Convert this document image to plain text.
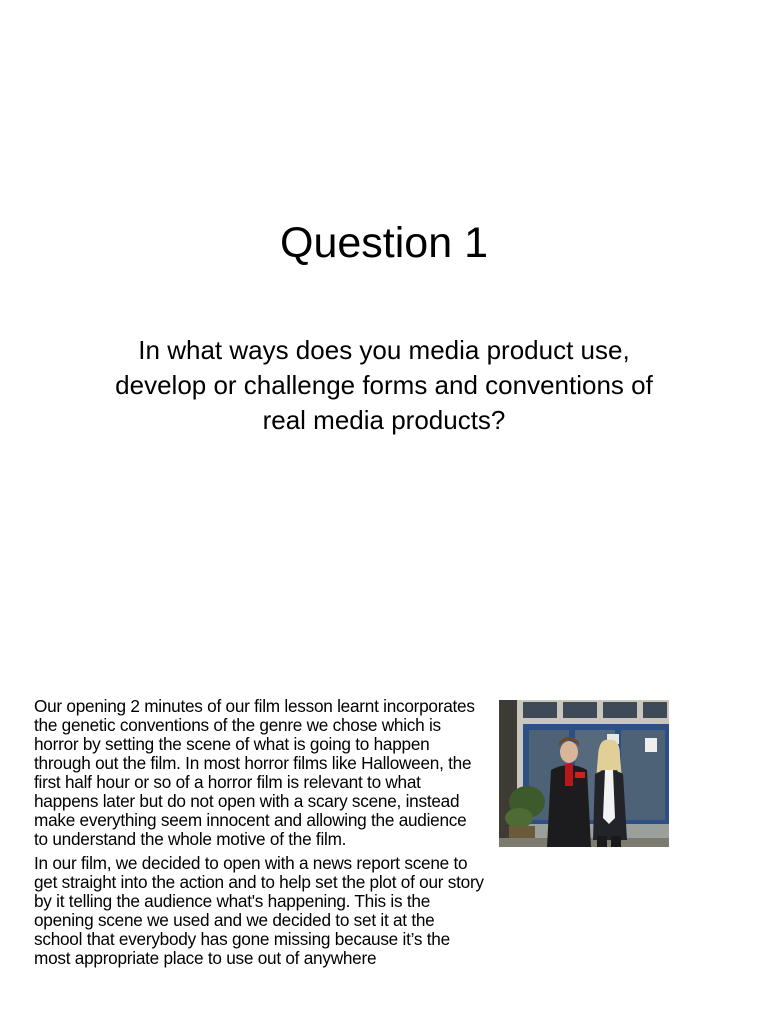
Question 1
In what ways does you media product use, develop or challenge forms and conventions of real media products?

Our opening 2 minutes of our film lesson learnt incorporates the genetic conventions of the genre we chose which is horror by setting the scene of what is going to happen through out the film. In most horror films like Halloween, the first half hour or so of a horror film is relevant to what happens later but do not open with a scary scene, instead make everything seem innocent and allowing the audience to understand the whole motive of the film.

In our film, we decided to open with a news report scene to get straight into the action and to help set the plot of our story by it telling the audience what's happening. This is the opening scene we used and we decided to set it at the school that everybody has gone missing because it’s the most appropriate place to use out of anywhere
